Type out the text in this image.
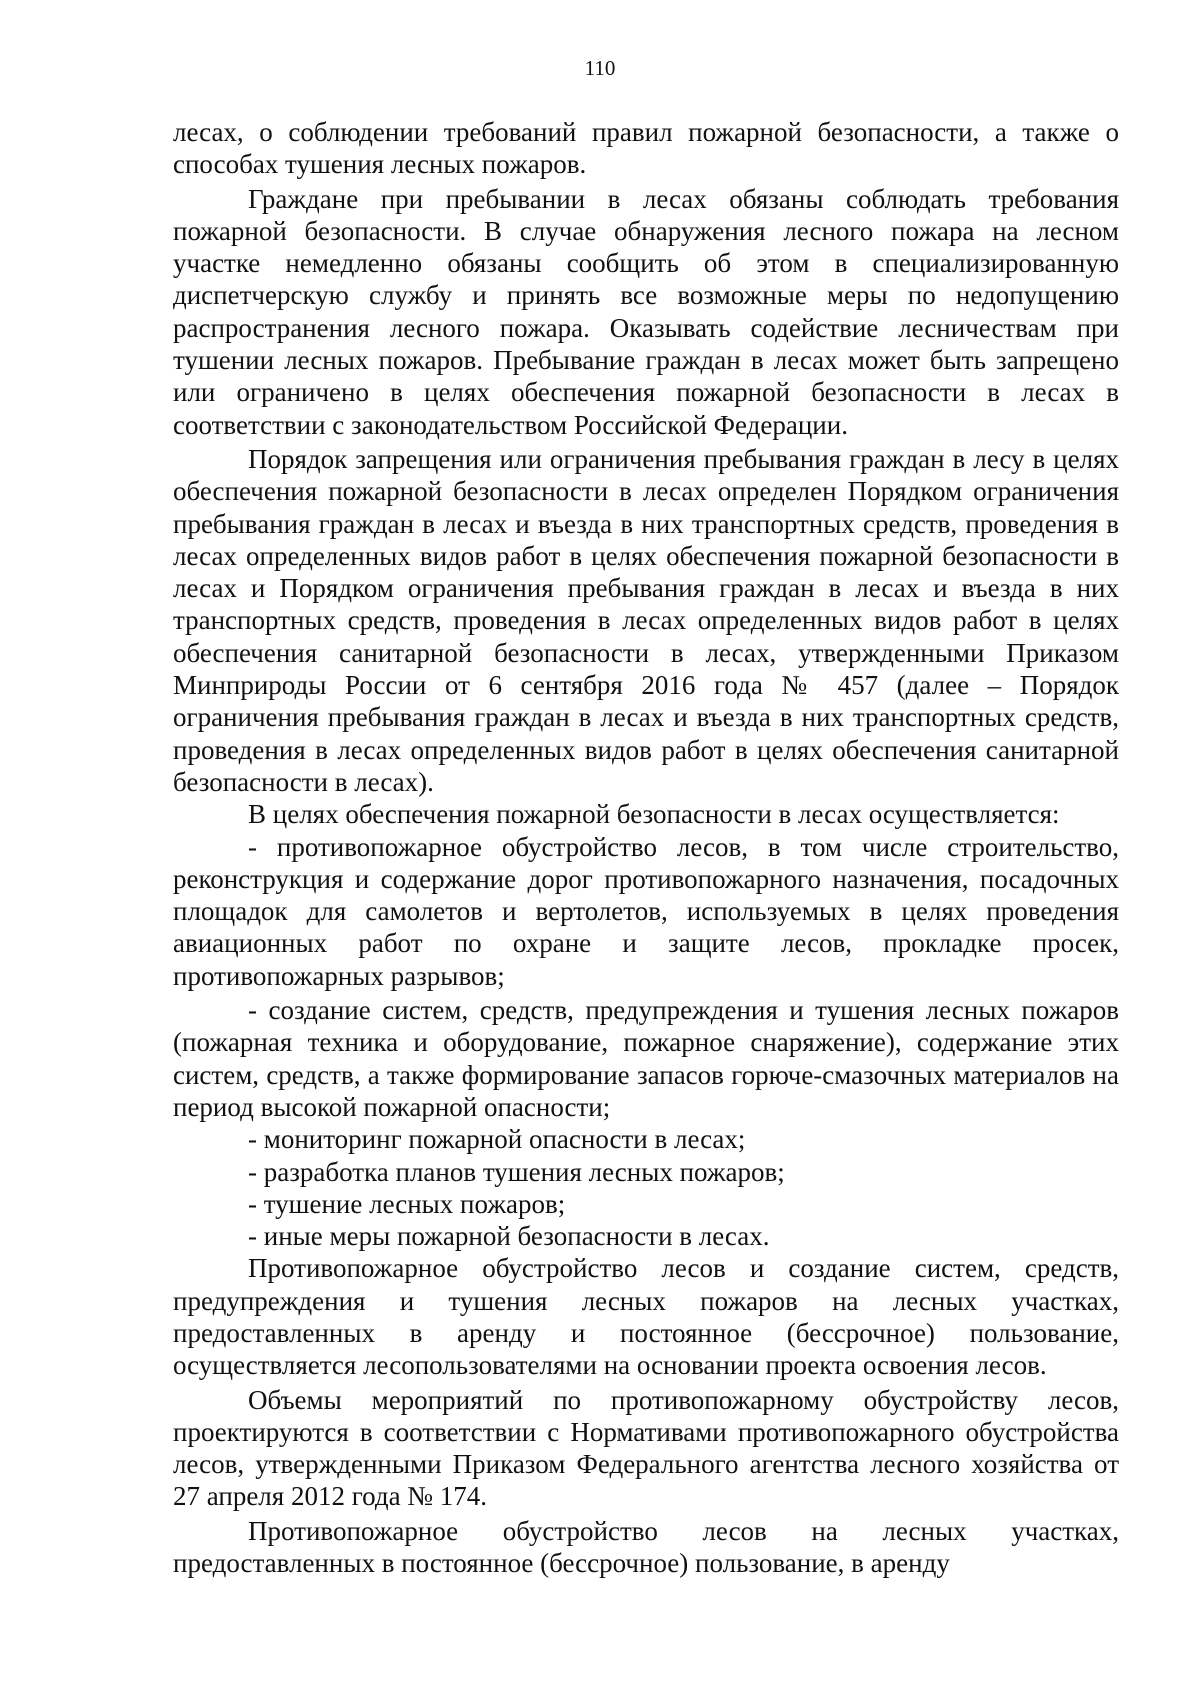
110

лесах, о соблюдении требований правил пожарной безопасности, а также о способах тушения лесных пожаров.

Граждане при пребывании в лесах обязаны соблюдать требования пожарной безопасности. В случае обнаружения лесного пожара на лесном участке немедленно обязаны сообщить об этом в специализированную диспетчерскую службу и принять все возможные меры по недопущению распространения лесного пожара. Оказывать содействие лесничествам при тушении лесных пожаров. Пребывание граждан в лесах может быть запрещено или ограничено в целях обеспечения пожарной безопасности в лесах в соответствии с законодательством Российской Федерации.

Порядок запрещения или ограничения пребывания граждан в лесу в целях обеспечения пожарной безопасности в лесах определен Порядком ограничения пребывания граждан в лесах и въезда в них транспортных средств, проведения в лесах определенных видов работ в целях обеспечения пожарной безопасности в лесах и Порядком ограничения пребывания граждан в лесах и въезда в них транспортных средств, проведения в лесах определенных видов работ в целях обеспечения санитарной безопасности в лесах, утвержденными Приказом Минприроды России от 6 сентября 2016 года № 457 (далее – Порядок ограничения пребывания граждан в лесах и въезда в них транспортных средств, проведения в лесах определенных видов работ в целях обеспечения санитарной безопасности в лесах).

В целях обеспечения пожарной безопасности в лесах осуществляется:

- противопожарное обустройство лесов, в том числе строительство, реконструкция и содержание дорог противопожарного назначения, посадочных площадок для самолетов и вертолетов, используемых в целях проведения авиационных работ по охране и защите лесов, прокладке просек, противопожарных разрывов;

- создание систем, средств, предупреждения и тушения лесных пожаров (пожарная техника и оборудование, пожарное снаряжение), содержание этих систем, средств, а также формирование запасов горюче-смазочных материалов на период высокой пожарной опасности;

- мониторинг пожарной опасности в лесах;

- разработка планов тушения лесных пожаров;

- тушение лесных пожаров;

- иные меры пожарной безопасности в лесах.

Противопожарное обустройство лесов и создание систем, средств, предупреждения и тушения лесных пожаров на лесных участках, предоставленных в аренду и постоянное (бессрочное) пользование, осуществляется лесопользователями на основании проекта освоения лесов.

Объемы мероприятий по противопожарному обустройству лесов, проектируются в соответствии с Нормативами противопожарного обустройства лесов, утвержденными Приказом Федерального агентства лесного хозяйства от 27 апреля 2012 года № 174.

Противопожарное обустройство лесов на лесных участках, предоставленных в постоянное (бессрочное) пользование, в аренду
